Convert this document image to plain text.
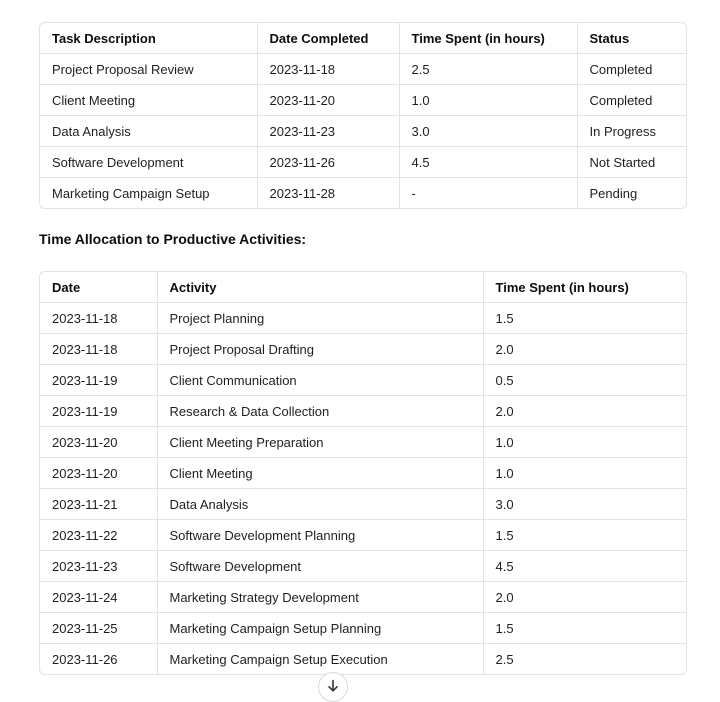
Task Description	Date Completed	Time Spent (in hours)	Status
Project Proposal Review	2023-11-18	2.5	Completed
Client Meeting	2023-11-20	1.0	Completed
Data Analysis	2023-11-23	3.0	In Progress
Software Development	2023-11-26	4.5	Not Started
Marketing Campaign Setup	2023-11-28	-	Pending
Time Allocation to Productive Activities:
Date	Activity	Time Spent (in hours)
2023-11-18	Project Planning	1.5
2023-11-18	Project Proposal Drafting	2.0
2023-11-19	Client Communication	0.5
2023-11-19	Research & Data Collection	2.0
2023-11-20	Client Meeting Preparation	1.0
2023-11-20	Client Meeting	1.0
2023-11-21	Data Analysis	3.0
2023-11-22	Software Development Planning	1.5
2023-11-23	Software Development	4.5
2023-11-24	Marketing Strategy Development	2.0
2023-11-25	Marketing Campaign Setup Planning	1.5
2023-11-26	Marketing Campaign Setup Execution	2.5
